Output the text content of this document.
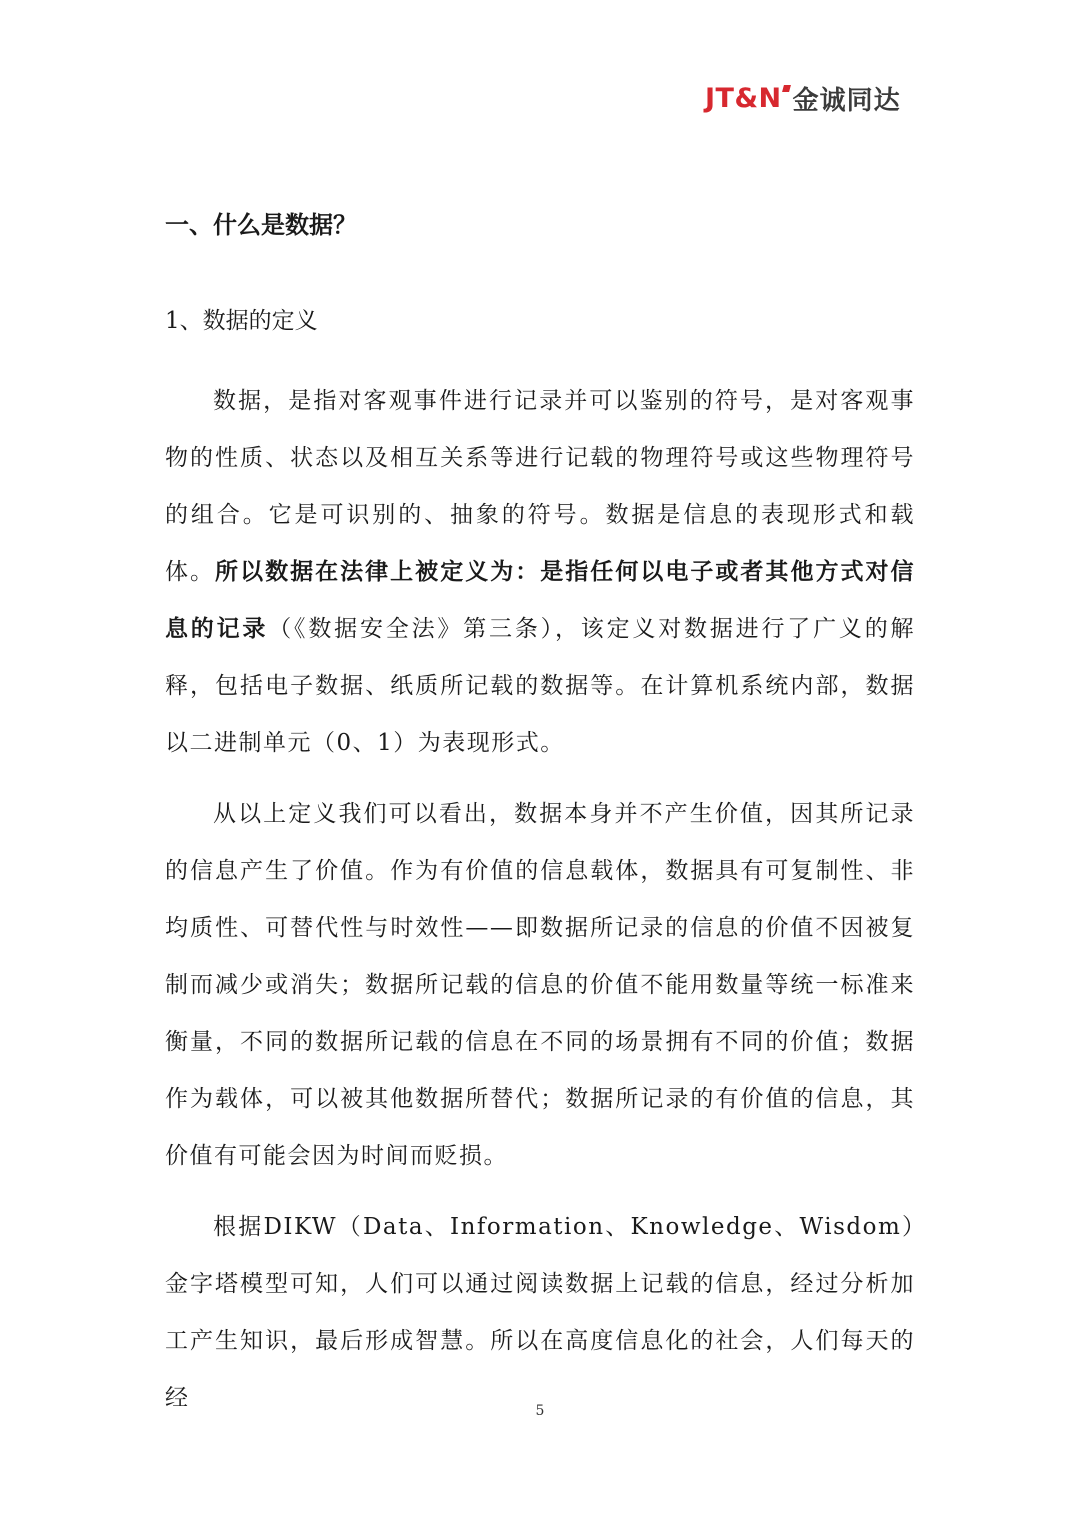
JT&N 金诚同达

一、什么是数据？

1、数据的定义

数据，是指对客观事件进行记录并可以鉴别的符号，是对客观事物的性质、状态以及相互关系等进行记载的物理符号或这些物理符号的组合。它是可识别的、抽象的符号。数据是信息的表现形式和载体。所以数据在法律上被定义为：是指任何以电子或者其他方式对信息的记录（《数据安全法》第三条），该定义对数据进行了广义的解释，包括电子数据、纸质所记载的数据等。在计算机系统内部，数据以二进制单元（0、1）为表现形式。

从以上定义我们可以看出，数据本身并不产生价值，因其所记录的信息产生了价值。作为有价值的信息载体，数据具有可复制性、非均质性、可替代性与时效性——即数据所记录的信息的价值不因被复制而减少或消失；数据所记载的信息的价值不能用数量等统一标准来衡量，不同的数据所记载的信息在不同的场景拥有不同的价值；数据作为载体，可以被其他数据所替代；数据所记录的有价值的信息，其价值有可能会因为时间而贬损。

根据DIKW（Data、Information、Knowledge、Wisdom）金字塔模型可知，人们可以通过阅读数据上记载的信息，经过分析加工产生知识，最后形成智慧。所以在高度信息化的社会，人们每天的经	5
